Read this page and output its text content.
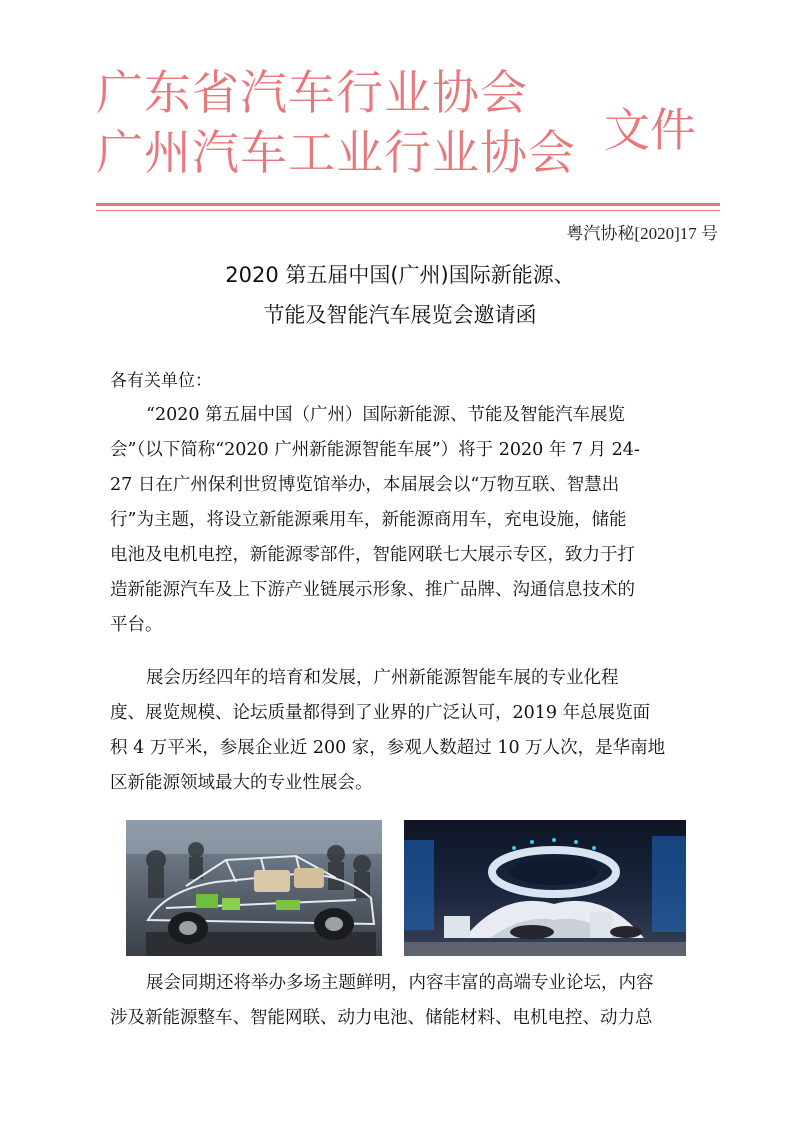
广东省汽车行业协会
广州汽车工业行业协会 文件
粤汽协秘[2020]17 号
2020 第五届中国(广州)国际新能源、
节能及智能汽车展览会邀请函
各有关单位：
“2020 第五届中国（广州）国际新能源、节能及智能汽车展览
会”（以下简称“2020 广州新能源智能车展”）将于 2020 年 7 月 24-
27 日在广州保利世贸博览馆举办，本届展会以“万物互联、智慧出
行”为主题，将设立新能源乘用车，新能源商用车，充电设施，储能
电池及电机电控，新能源零部件，智能网联七大展示专区，致力于打
造新能源汽车及上下游产业链展示形象、推广品牌、沟通信息技术的
平台。
展会历经四年的培育和发展，广州新能源智能车展的专业化程
度、展览规模、论坛质量都得到了业界的广泛认可，2019 年总展览面
积 4 万平米，参展企业近 200 家，参观人数超过 10 万人次，是华南地
区新能源领域最大的专业性展会。
展会同期还将举办多场主题鲜明，内容丰富的高端专业论坛，内容
涉及新能源整车、智能网联、动力电池、储能材料、电机电控、动力总
